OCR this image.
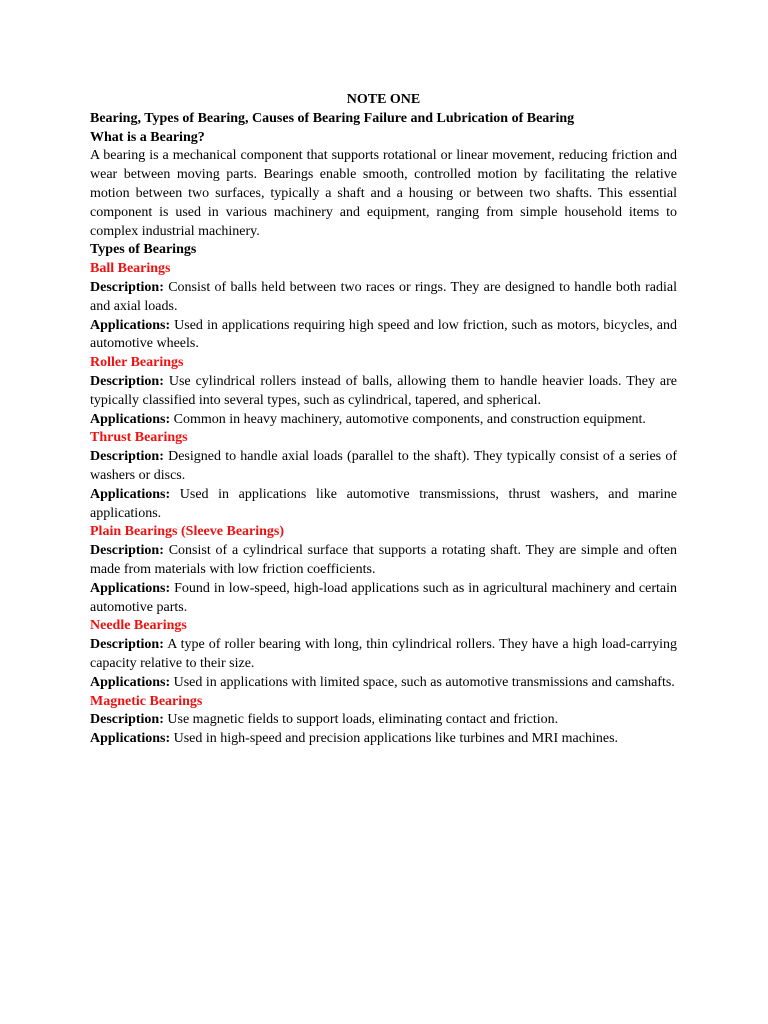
NOTE ONE
Bearing, Types of Bearing, Causes of Bearing Failure and Lubrication of Bearing
What is a Bearing?

A bearing is a mechanical component that supports rotational or linear movement, reducing friction and wear between moving parts. Bearings enable smooth, controlled motion by facilitating the relative motion between two surfaces, typically a shaft and a housing or between two shafts. This essential component is used in various machinery and equipment, ranging from simple household items to complex industrial machinery.

Types of Bearings
Ball Bearings

Description: Consist of balls held between two races or rings. They are designed to handle both radial and axial loads.

Applications: Used in applications requiring high speed and low friction, such as motors, bicycles, and automotive wheels.

Roller Bearings

Description: Use cylindrical rollers instead of balls, allowing them to handle heavier loads. They are typically classified into several types, such as cylindrical, tapered, and spherical.

Applications: Common in heavy machinery, automotive components, and construction equipment.

Thrust Bearings

Description: Designed to handle axial loads (parallel to the shaft). They typically consist of a series of washers or discs.

Applications: Used in applications like automotive transmissions, thrust washers, and marine applications.

Plain Bearings (Sleeve Bearings)

Description: Consist of a cylindrical surface that supports a rotating shaft. They are simple and often made from materials with low friction coefficients.

Applications: Found in low-speed, high-load applications such as in agricultural machinery and certain automotive parts.

Needle Bearings

Description: A type of roller bearing with long, thin cylindrical rollers. They have a high load-carrying capacity relative to their size.

Applications: Used in applications with limited space, such as automotive transmissions and camshafts.

Magnetic Bearings

Description: Use magnetic fields to support loads, eliminating contact and friction.

Applications: Used in high-speed and precision applications like turbines and MRI machines.
